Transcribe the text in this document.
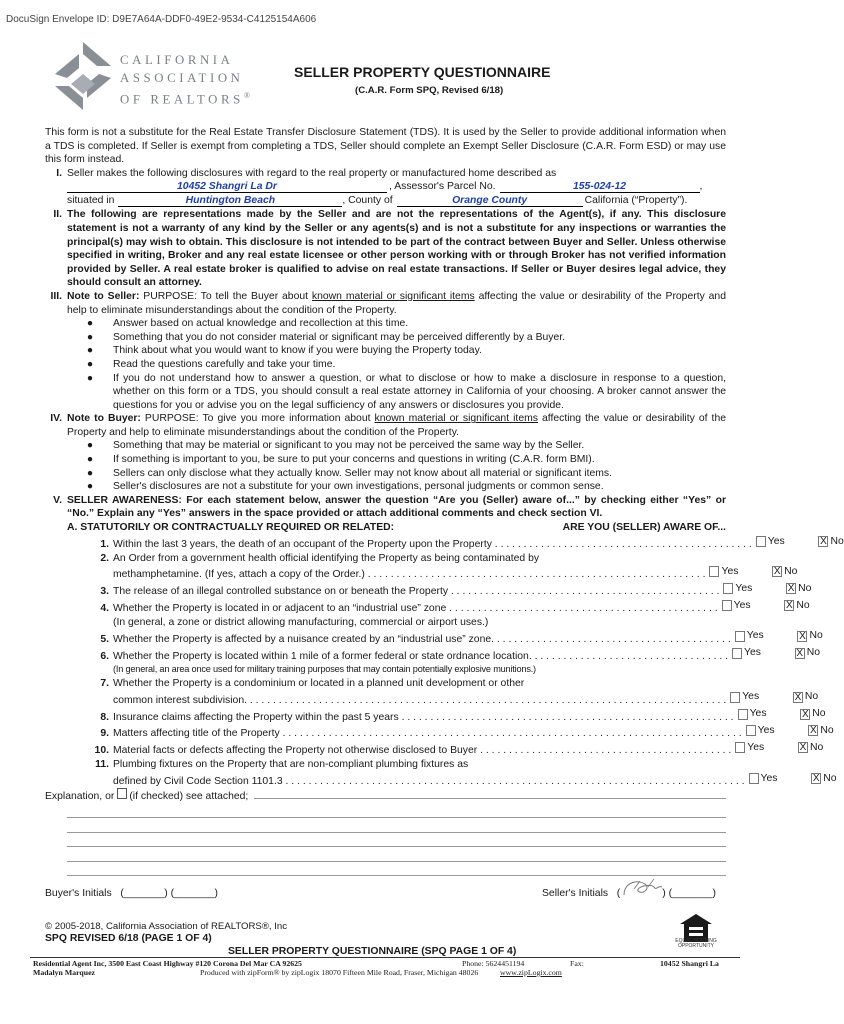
DocuSign Envelope ID: D9E7A64A-DDF0-49E2-9534-C4125154A606
CALIFORNIA
ASSOCIATION
OF REALTORS®
SELLER PROPERTY QUESTIONNAIRE
(C.A.R. Form SPQ, Revised 6/18)
This form is not a substitute for the Real Estate Transfer Disclosure Statement (TDS). It is used by the Seller to provide additional information when a TDS is completed. If Seller is exempt from completing a TDS, Seller should complete an Exempt Seller Disclosure (C.A.R. Form ESD) or may use this form instead.
I. Seller makes the following disclosures with regard to the real property or manufactured home described as
10452 Shangri La Dr	, Assessor's Parcel No.	155-024-12	,
situated in	Huntington Beach	, County of	Orange County	California (“Property”).
II. The following are representations made by the Seller and are not the representations of the Agent(s), if any. This disclosure statement is not a warranty of any kind by the Seller or any agents(s) and is not a substitute for any inspections or warranties the principal(s) may wish to obtain. This disclosure is not intended to be part of the contract between Buyer and Seller. Unless otherwise specified in writing, Broker and any real estate licensee or other person working with or through Broker has not verified information provided by Seller. A real estate broker is qualified to advise on real estate transactions. If Seller or Buyer desires legal advice, they should consult an attorney.
III. Note to Seller: PURPOSE: To tell the Buyer about known material or significant items affecting the value or desirability of the Property and help to eliminate misunderstandings about the condition of the Property.
●	Answer based on actual knowledge and recollection at this time.
●	Something that you do not consider material or significant may be perceived differently by a Buyer.
●	Think about what you would want to know if you were buying the Property today.
●	Read the questions carefully and take your time.
●	If you do not understand how to answer a question, or what to disclose or how to make a disclosure in response to a question, whether on this form or a TDS, you should consult a real estate attorney in California of your choosing. A broker cannot answer the questions for you or advise you on the legal sufficiency of any answers or disclosures you provide.
IV. Note to Buyer: PURPOSE: To give you more information about known material or significant items affecting the value or desirability of the Property and help to eliminate misunderstandings about the condition of the Property.
●	Something that may be material or significant to you may not be perceived the same way by the Seller.
●	If something is important to you, be sure to put your concerns and questions in writing (C.A.R. form BMI).
●	Sellers can only disclose what they actually know. Seller may not know about all material or significant items.
●	Seller's disclosures are not a substitute for your own investigations, personal judgments or common sense.
V. SELLER AWARENESS: For each statement below, answer the question “Are you (Seller) aware of...” by checking either “Yes” or “No.” Explain any “Yes” answers in the space provided or attach additional comments and check section VI.
A. STATUTORILY OR CONTRACTUALLY REQUIRED OR RELATED:	ARE YOU (SELLER) AWARE OF...
1. Within the last 3 years, the death of an occupant of the Property upon the Property . . . . . . . . . . . . . . . . . . . . . . . . . . . . . . . . . . . . . . . . . . . . . Yes	X No
2. An Order from a government health official identifying the Property as being contaminated by
methamphetamine. (If yes, attach a copy of the Order.) . . . . . . . . . . . . . . . . . . . . . . . . . . . . . . . . . . . . . . . . . . . . . . . . . . . . . . . . . . . Yes	X No
3. The release of an illegal controlled substance on or beneath the Property . . . . . . . . . . . . . . . . . . . . . . . . . . . . . . . . . . . . . . . . . . . . . . . Yes	X No
4. Whether the Property is located in or adjacent to an “industrial use” zone . . . . . . . . . . . . . . . . . . . . . . . . . . . . . . . . . . . . . . . . . . . . . . . Yes	X No
(In general, a zone or district allowing manufacturing, commercial or airport uses.)
5. Whether the Property is affected by a nuisance created by an “industrial use” zone. . . . . . . . . . . . . . . . . . . . . . . . . . . . . . . . . . . . . . . . . . Yes	X No
6. Whether the Property is located within 1 mile of a former federal or state ordnance location. . . . . . . . . . . . . . . . . . . . . . . . . . . . . . . . . . . Yes	X No
(In general, an area once used for military training purposes that may contain potentially explosive munitions.)
7. Whether the Property is a condominium or located in a planned unit development or other
common interest subdivision. . . . . . . . . . . . . . . . . . . . . . . . . . . . . . . . . . . . . . . . . . . . . . . . . . . . . . . . . . . . . . . . . . . . . . . . . . . . . . . . . . . . Yes	X No
8. Insurance claims affecting the Property within the past 5 years . . . . . . . . . . . . . . . . . . . . . . . . . . . . . . . . . . . . . . . . . . . . . . . . . . . . . . . . . . Yes	X No
9. Matters affecting title of the Property . . . . . . . . . . . . . . . . . . . . . . . . . . . . . . . . . . . . . . . . . . . . . . . . . . . . . . . . . . . . . . . . . . . . . . . . . . . . . . . . Yes	X No
10. Material facts or defects affecting the Property not otherwise disclosed to Buyer . . . . . . . . . . . . . . . . . . . . . . . . . . . . . . . . . . . . . . . . . . . . Yes	X No
11. Plumbing fixtures on the Property that are non-compliant plumbing fixtures as
defined by Civil Code Section 1101.3 . . . . . . . . . . . . . . . . . . . . . . . . . . . . . . . . . . . . . . . . . . . . . . . . . . . . . . . . . . . . . . . . . . . . . . . . . . . . . . . . Yes	X No
Explanation, or (if checked) see attached;
Buyer's Initials (_______) (_______)	Seller's Initials (	) (_______)
© 2005-2018, California Association of REALTORS®, Inc
SPQ REVISED 6/18 (PAGE 1 OF 4)
SELLER PROPERTY QUESTIONNAIRE (SPQ PAGE 1 OF 4)
EQUAL HOUSING OPPORTUNITY
Residential Agent Inc, 3500 East Coast Highway #120 Corona Del Mar CA 92625	Phone: 5624451194	Fax:	10452 Shangri La
Madalyn Marquez	Produced with zipForm® by zipLogix 18070 Fifteen Mile Road, Fraser, Michigan 48026	www.zipLogix.com
